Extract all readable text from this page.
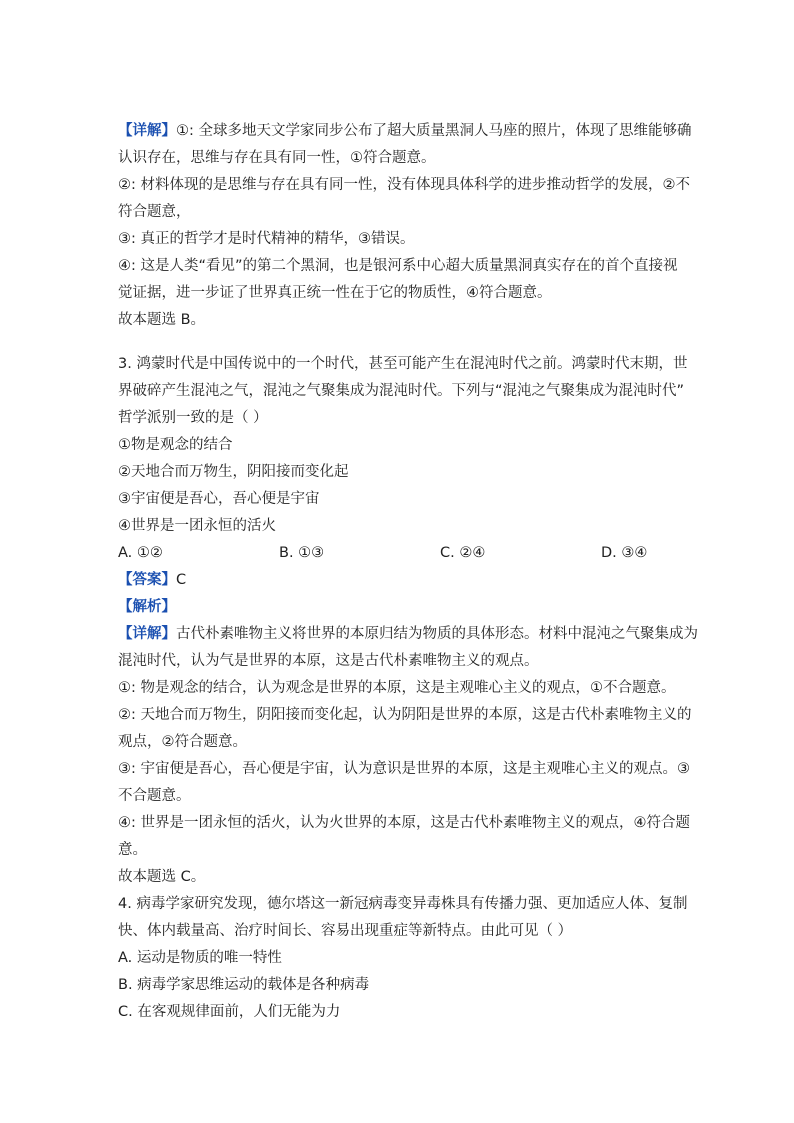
【详解】①: 全球多地天文学家同步公布了超大质量黑洞人马座的照片，体现了思维能够确

认识存在，思维与存在具有同一性，①符合题意。

②: 材料体现的是思维与存在具有同一性，没有体现具体科学的进步推动哲学的发展，②不

符合题意，

③: 真正的哲学才是时代精神的精华，③错误。

④: 这是人类“看见”的第二个黑洞，也是银河系中心超大质量黑洞真实存在的首个直接视

觉证据，进一步证了世界真正统一性在于它的物质性，④符合题意。

故本题选 B。

3. 鸿蒙时代是中国传说中的一个时代，甚至可能产生在混沌时代之前。鸿蒙时代末期，世

界破碎产生混沌之气，混沌之气聚集成为混沌时代。下列与“混沌之气聚集成为混沌时代”

哲学派别一致的是（ ）

①物是观念的结合

②天地合而万物生，阴阳接而变化起

③宇宙便是吾心，吾心便是宇宙

④世界是一团永恒的活火

A. ①②	B. ①③	C. ②④	D. ③④

【答案】C

【解析】

【详解】古代朴素唯物主义将世界的本原归结为物质的具体形态。材料中混沌之气聚集成为

混沌时代，认为气是世界的本原，这是古代朴素唯物主义的观点。

①: 物是观念的结合，认为观念是世界的本原，这是主观唯心主义的观点，①不合题意。

②: 天地合而万物生，阴阳接而变化起，认为阴阳是世界的本原，这是古代朴素唯物主义的

观点，②符合题意。

③: 宇宙便是吾心，吾心便是宇宙，认为意识是世界的本原，这是主观唯心主义的观点。③

不合题意。

④: 世界是一团永恒的活火，认为火世界的本原，这是古代朴素唯物主义的观点，④符合题

意。

故本题选 C。

4. 病毒学家研究发现，德尔塔这一新冠病毒变异毒株具有传播力强、更加适应人体、复制

快、体内载量高、治疗时间长、容易出现重症等新特点。由此可见（ ）

A. 运动是物质的唯一特性

B. 病毒学家思维运动的载体是各种病毒

C. 在客观规律面前，人们无能为力
